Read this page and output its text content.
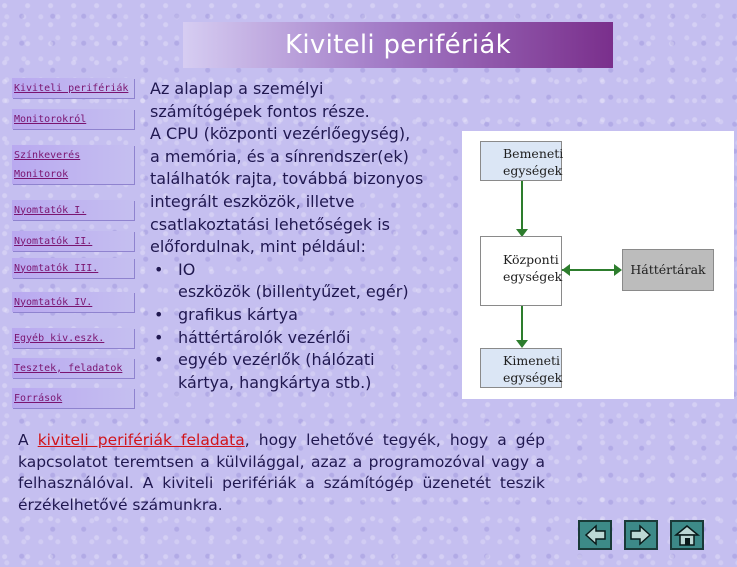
Kiviteli perifériák
Kiviteli perifériák
Monitorokról
Színkeverés
Monitorok
Nyomtatók I.
Nyomtatók II.
Nyomtatók III.
Nyomtatók IV.
Egyéb kiv.eszk.
Tesztek, feladatok
Források

Az alaplap a személyi

számítógépek fontos része.

A CPU (központi vezérlőegység),

a memória, és a sínrendszer(ek)

találhatók rajta, továbbá bizonyos

integrált eszközök, illetve

csatlakoztatási lehetőségek is

előfordulnak, mint például:

• IO
eszközök (billentyűzet, egér)
• grafikus kártya
• háttértárolók vezérlői
• egyéb vezérlők (hálózati
kártya, hangkártya stb.)
Bemeneti
egységek
Központi
egységek	Háttértárak
Kimeneti
egységek
A kiviteli perifériák feladata, hogy lehetővé tegyék, hogy a gép kapcsolatot teremtsen a külvilággal, azaz a programozóval vagy a felhasználóval. A kiviteli perifériák a számítógép üzenetét teszik érzékelhetővé számunkra.
